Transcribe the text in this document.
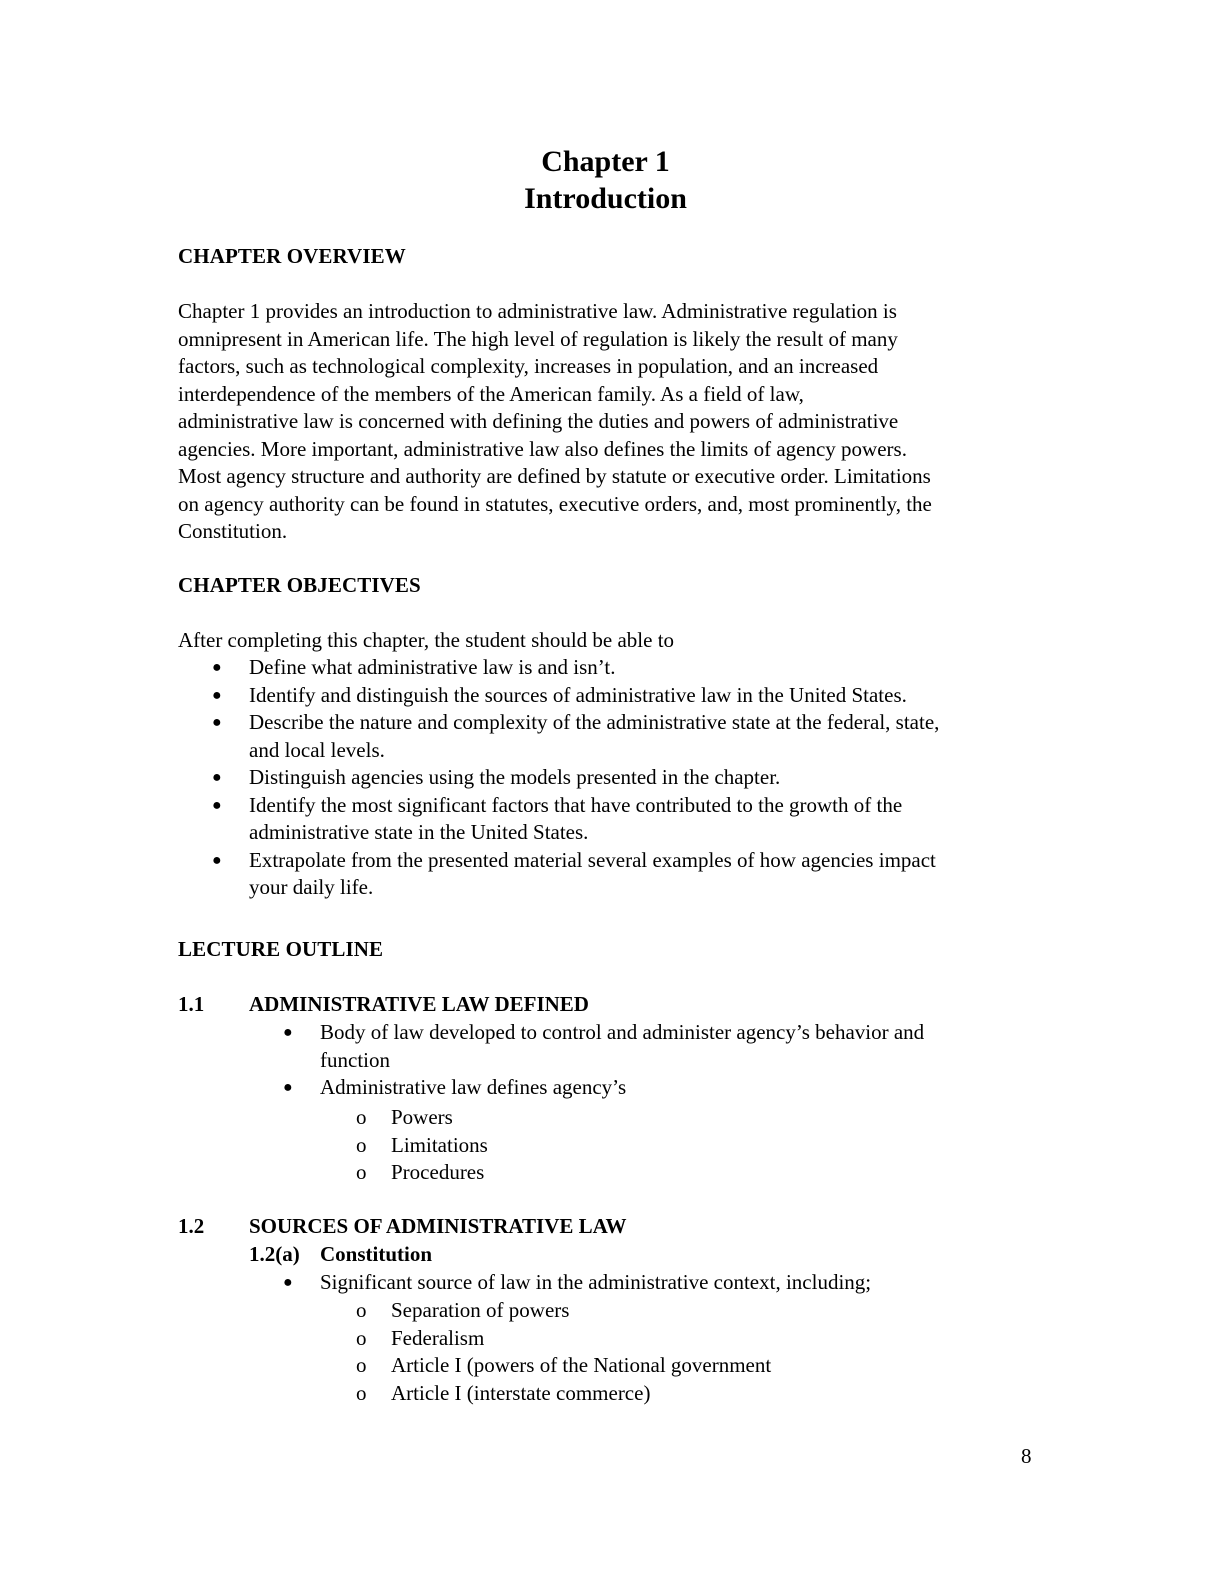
Chapter 1
Introduction
CHAPTER OVERVIEW
Chapter 1 provides an introduction to administrative law. Administrative regulation is
omnipresent in American life. The high level of regulation is likely the result of many
factors, such as technological complexity, increases in population, and an increased
interdependence of the members of the American family. As a field of law,
administrative law is concerned with defining the duties and powers of administrative
agencies. More important, administrative law also defines the limits of agency powers.
Most agency structure and authority are defined by statute or executive order. Limitations
on agency authority can be found in statutes, executive orders, and, most prominently, the
Constitution.
CHAPTER OBJECTIVES
After completing this chapter, the student should be able to
● Define what administrative law is and isn’t.
● Identify and distinguish the sources of administrative law in the United States.
● Describe the nature and complexity of the administrative state at the federal, state,
and local levels.
● Distinguish agencies using the models presented in the chapter.
● Identify the most significant factors that have contributed to the growth of the
administrative state in the United States.
● Extrapolate from the presented material several examples of how agencies impact
your daily life.
LECTURE OUTLINE
1.1 ADMINISTRATIVE LAW DEFINED
● Body of law developed to control and administer agency’s behavior and
function
● Administrative law defines agency’s
o Powers
o Limitations
o Procedures
1.2 SOURCES OF ADMINISTRATIVE LAW
1.2(a) Constitution
● Significant source of law in the administrative context, including;
o Separation of powers
o Federalism
o Article I (powers of the National government
o Article I (interstate commerce)
8
